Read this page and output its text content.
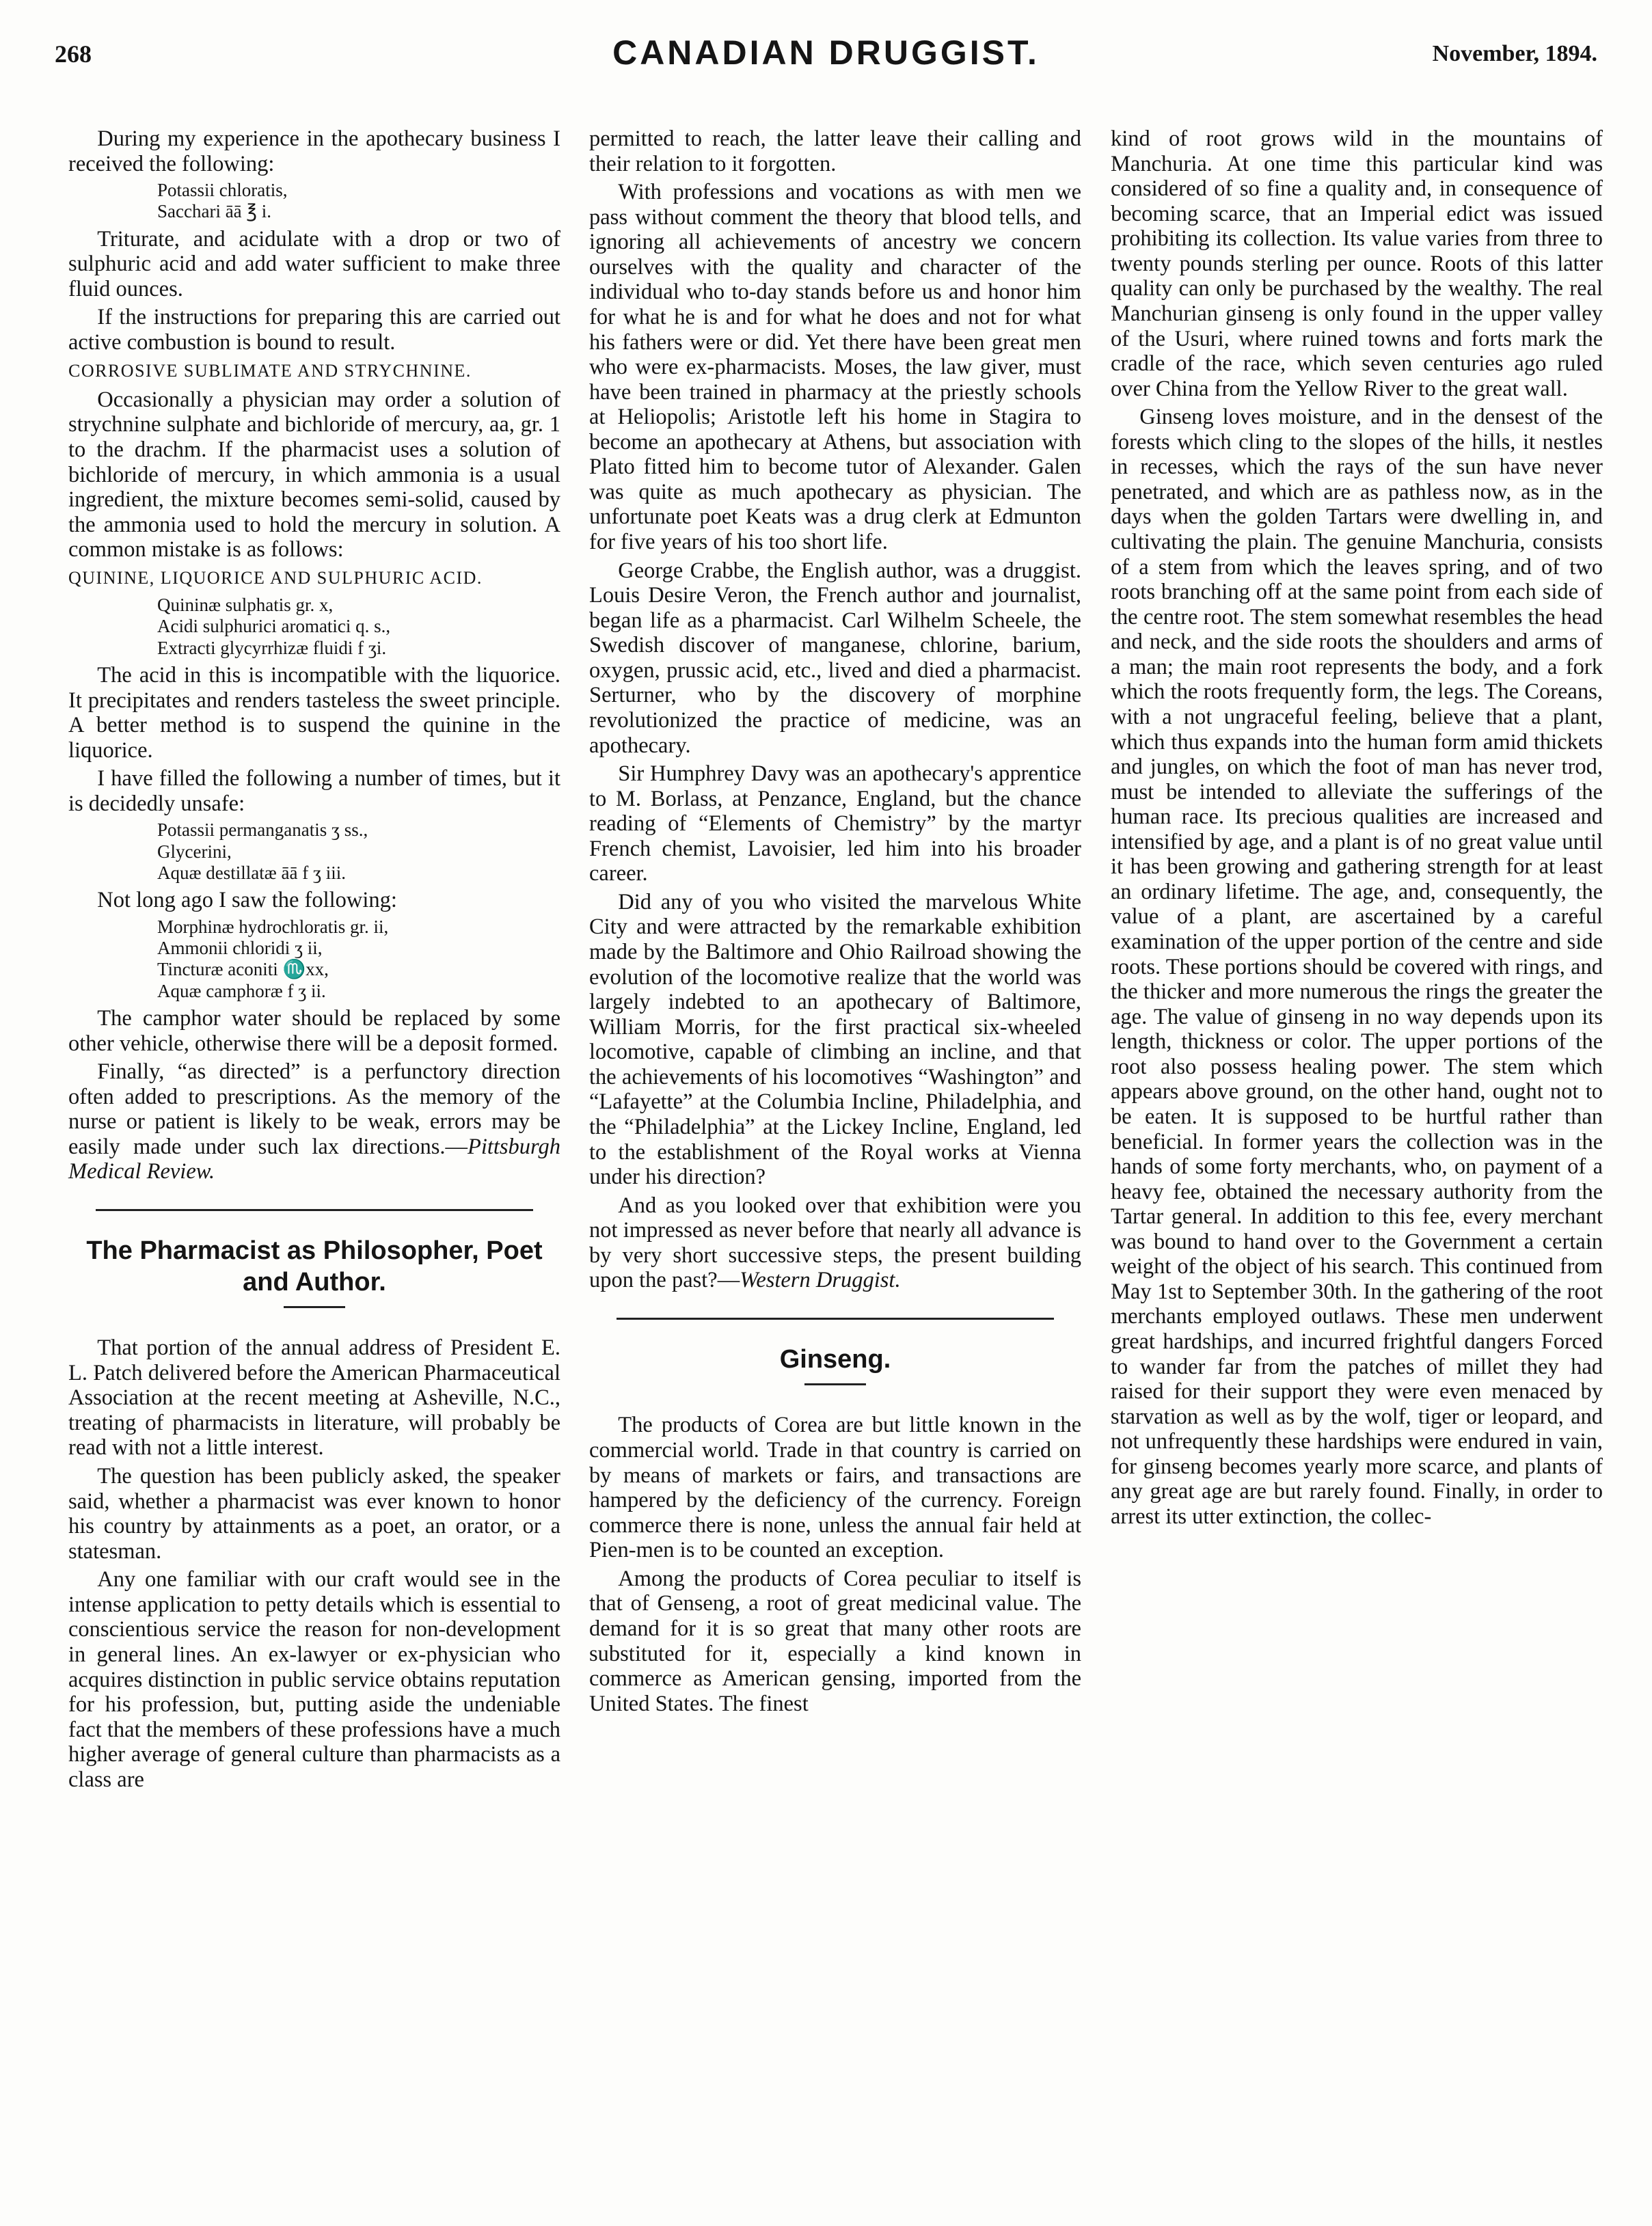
268	CANADIAN DRUGGIST.	November, 1894.

During my experience in the apothecary business I received the following:

Potassii chloratis,
Sacchari āā ℥ i.

Triturate, and acidulate with a drop or two of sulphuric acid and add water sufficient to make three fluid ounces.

If the instructions for preparing this are carried out active combustion is bound to result.

CORROSIVE SUBLIMATE AND STRYCHNINE.

Occasionally a physician may order a solution of strychnine sulphate and bichloride of mercury, aa, gr. 1 to the drachm. If the pharmacist uses a solution of bichloride of mercury, in which ammonia is a usual ingredient, the mixture becomes semi-solid, caused by the ammonia used to hold the mercury in solution. A common mistake is as follows:

QUININE, LIQUORICE AND SULPHURIC ACID.
Quininæ sulphatis gr. x,
Acidi sulphurici aromatici q. s.,
Extracti glycyrrhizæ fluidi f ʒi.

The acid in this is incompatible with the liquorice. It precipitates and renders tasteless the sweet principle. A better method is to suspend the quinine in the liquorice.

I have filled the following a number of times, but it is decidedly unsafe:

Potassii permanganatis ʒ ss.,
Glycerini,
Aquæ destillatæ āā f ʒ iii.

Not long ago I saw the following:

Morphinæ hydrochloratis gr. ii,
Ammonii chloridi ʒ ii,
Tincturæ aconiti ♏xx,
Aquæ camphoræ f ʒ ii.

The camphor water should be replaced by some other vehicle, otherwise there will be a deposit formed.

Finally, “as directed” is a perfunctory direction often added to prescriptions. As the memory of the nurse or patient is likely to be weak, errors may be easily made under such lax directions.—Pittsburgh Medical Review.

The Pharmacist as Philosopher, Poet and Author.

That portion of the annual address of President E. L. Patch delivered before the American Pharmaceutical Association at the recent meeting at Asheville, N.C., treating of pharmacists in literature, will probably be read with not a little interest.

The question has been publicly asked, the speaker said, whether a pharmacist was ever known to honor his country by attainments as a poet, an orator, or a statesman.

Any one familiar with our craft would see in the intense application to petty details which is essential to conscientious service the reason for non-development in general lines. An ex-lawyer or ex-physician who acquires distinction in public service obtains reputation for his profession, but, putting aside the undeniable fact that the members of these professions have a much higher average of general culture than pharmacists as a class are

permitted to reach, the latter leave their calling and their relation to it forgotten.

With professions and vocations as with men we pass without comment the theory that blood tells, and ignoring all achievements of ancestry we concern ourselves with the quality and character of the individual who to-day stands before us and honor him for what he is and for what he does and not for what his fathers were or did. Yet there have been great men who were ex-pharmacists. Moses, the law giver, must have been trained in pharmacy at the priestly schools at Heliopolis; Aristotle left his home in Stagira to become an apothecary at Athens, but association with Plato fitted him to become tutor of Alexander. Galen was quite as much apothecary as physician. The unfortunate poet Keats was a drug clerk at Edmunton for five years of his too short life.

George Crabbe, the English author, was a druggist. Louis Desire Veron, the French author and journalist, began life as a pharmacist. Carl Wilhelm Scheele, the Swedish discover of manganese, chlorine, barium, oxygen, prussic acid, etc., lived and died a pharmacist. Serturner, who by the discovery of morphine revolutionized the practice of medicine, was an apothecary.

Sir Humphrey Davy was an apothecary's apprentice to M. Borlass, at Penzance, England, but the chance reading of “Elements of Chemistry” by the martyr French chemist, Lavoisier, led him into his broader career.

Did any of you who visited the marvelous White City and were attracted by the remarkable exhibition made by the Baltimore and Ohio Railroad showing the evolution of the locomotive realize that the world was largely indebted to an apothecary of Baltimore, William Morris, for the first practical six-wheeled locomotive, capable of climbing an incline, and that the achievements of his locomotives “Washington” and “Lafayette” at the Columbia Incline, Philadelphia, and the “Philadelphia” at the Lickey Incline, England, led to the establishment of the Royal works at Vienna under his direction?

And as you looked over that exhibition were you not impressed as never before that nearly all advance is by very short successive steps, the present building upon the past?—Western Druggist.

Ginseng.

The products of Corea are but little known in the commercial world. Trade in that country is carried on by means of markets or fairs, and transactions are hampered by the deficiency of the currency. Foreign commerce there is none, unless the annual fair held at Pien-men is to be counted an exception.

Among the products of Corea peculiar to itself is that of Genseng, a root of great medicinal value. The demand for it is so great that many other roots are substituted for it, especially a kind known in commerce as American gensing, imported from the United States. The finest

kind of root grows wild in the mountains of Manchuria. At one time this particular kind was considered of so fine a quality and, in consequence of becoming scarce, that an Imperial edict was issued prohibiting its collection. Its value varies from three to twenty pounds sterling per ounce. Roots of this latter quality can only be purchased by the wealthy. The real Manchurian ginseng is only found in the upper valley of the Usuri, where ruined towns and forts mark the cradle of the race, which seven centuries ago ruled over China from the Yellow River to the great wall.

Ginseng loves moisture, and in the densest of the forests which cling to the slopes of the hills, it nestles in recesses, which the rays of the sun have never penetrated, and which are as pathless now, as in the days when the golden Tartars were dwelling in, and cultivating the plain. The genuine Manchuria, consists of a stem from which the leaves spring, and of two roots branching off at the same point from each side of the centre root. The stem somewhat resembles the head and neck, and the side roots the shoulders and arms of a man; the main root represents the body, and a fork which the roots frequently form, the legs. The Coreans, with a not ungraceful feeling, believe that a plant, which thus expands into the human form amid thickets and jungles, on which the foot of man has never trod, must be intended to alleviate the sufferings of the human race. Its precious qualities are increased and intensified by age, and a plant is of no great value until it has been growing and gathering strength for at least an ordinary lifetime. The age, and, consequently, the value of a plant, are ascertained by a careful examination of the upper portion of the centre and side roots. These portions should be covered with rings, and the thicker and more numerous the rings the greater the age. The value of ginseng in no way depends upon its length, thickness or color. The upper portions of the root also possess healing power. The stem which appears above ground, on the other hand, ought not to be eaten. It is supposed to be hurtful rather than beneficial. In former years the collection was in the hands of some forty merchants, who, on payment of a heavy fee, obtained the necessary authority from the Tartar general. In addition to this fee, every merchant was bound to hand over to the Government a certain weight of the object of his search. This continued from May 1st to September 30th. In the gathering of the root merchants employed outlaws. These men underwent great hardships, and incurred frightful dangers Forced to wander far from the patches of millet they had raised for their support they were even menaced by starvation as well as by the wolf, tiger or leopard, and not unfrequently these hardships were endured in vain, for ginseng becomes yearly more scarce, and plants of any great age are but rarely found. Finally, in order to arrest its utter extinction, the collec-
